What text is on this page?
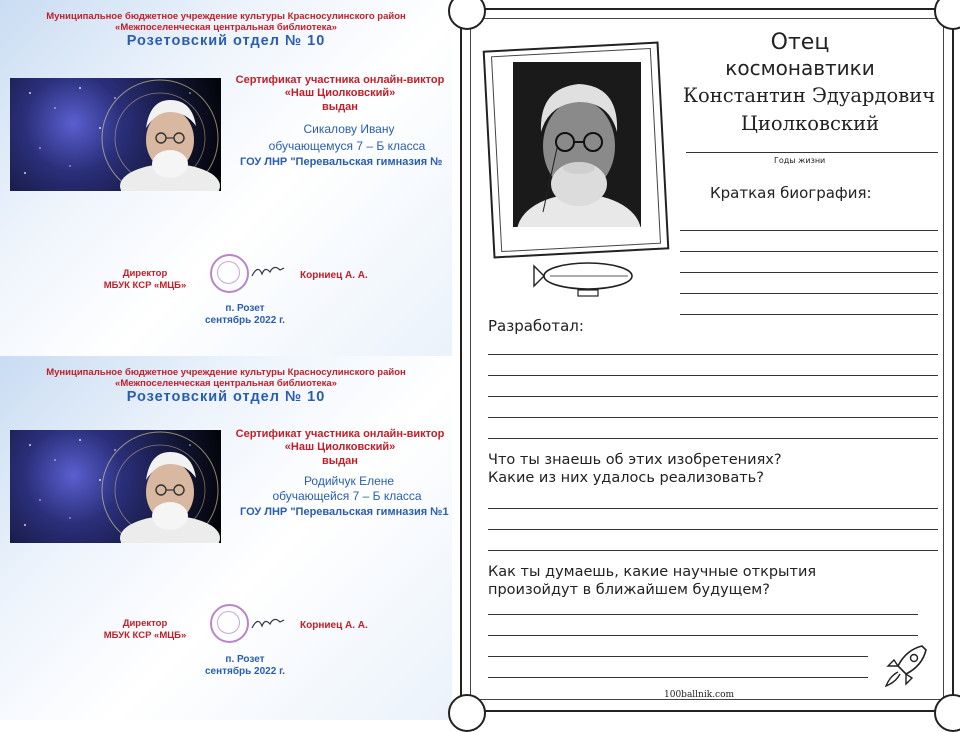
Муниципальное бюджетное учреждение культуры Красносулинского район
«Межпоселенческая центральная библиотека»
Розетовский отдел № 10
Сертификат участника онлайн-виктор
«Наш Циолковский»
выдан
Сикалову Ивану
обучающемуся 7 – Б класса
ГОУ ЛНР "Перевальская гимназия №
Директор
МБУК КСР «МЦБ»
Корниец А. А.
п. Розет
сентябрь 2022 г.
Муниципальное бюджетное учреждение культуры Красносулинского район
«Межпоселенческая центральная библиотека»
Розетовский отдел № 10
Сертификат участника онлайн-виктор
«Наш Циолковский»
выдан
Родийчук Елене
обучающейся 7 – Б класса
ГОУ ЛНР "Перевальская гимназия №1
Директор
МБУК КСР «МЦБ»
Корниец А. А.
п. Розет
сентябрь 2022 г.
Отец
космонавтики
Константин Эдуардович
Циолковский
Годы жизни
Краткая биография:
Разработал:
Что ты знаешь об этих изобретениях?
Какие из них удалось реализовать?
Как ты думаешь, какие научные открытия
произойдут в ближайшем будущем?
100ballnik.com
